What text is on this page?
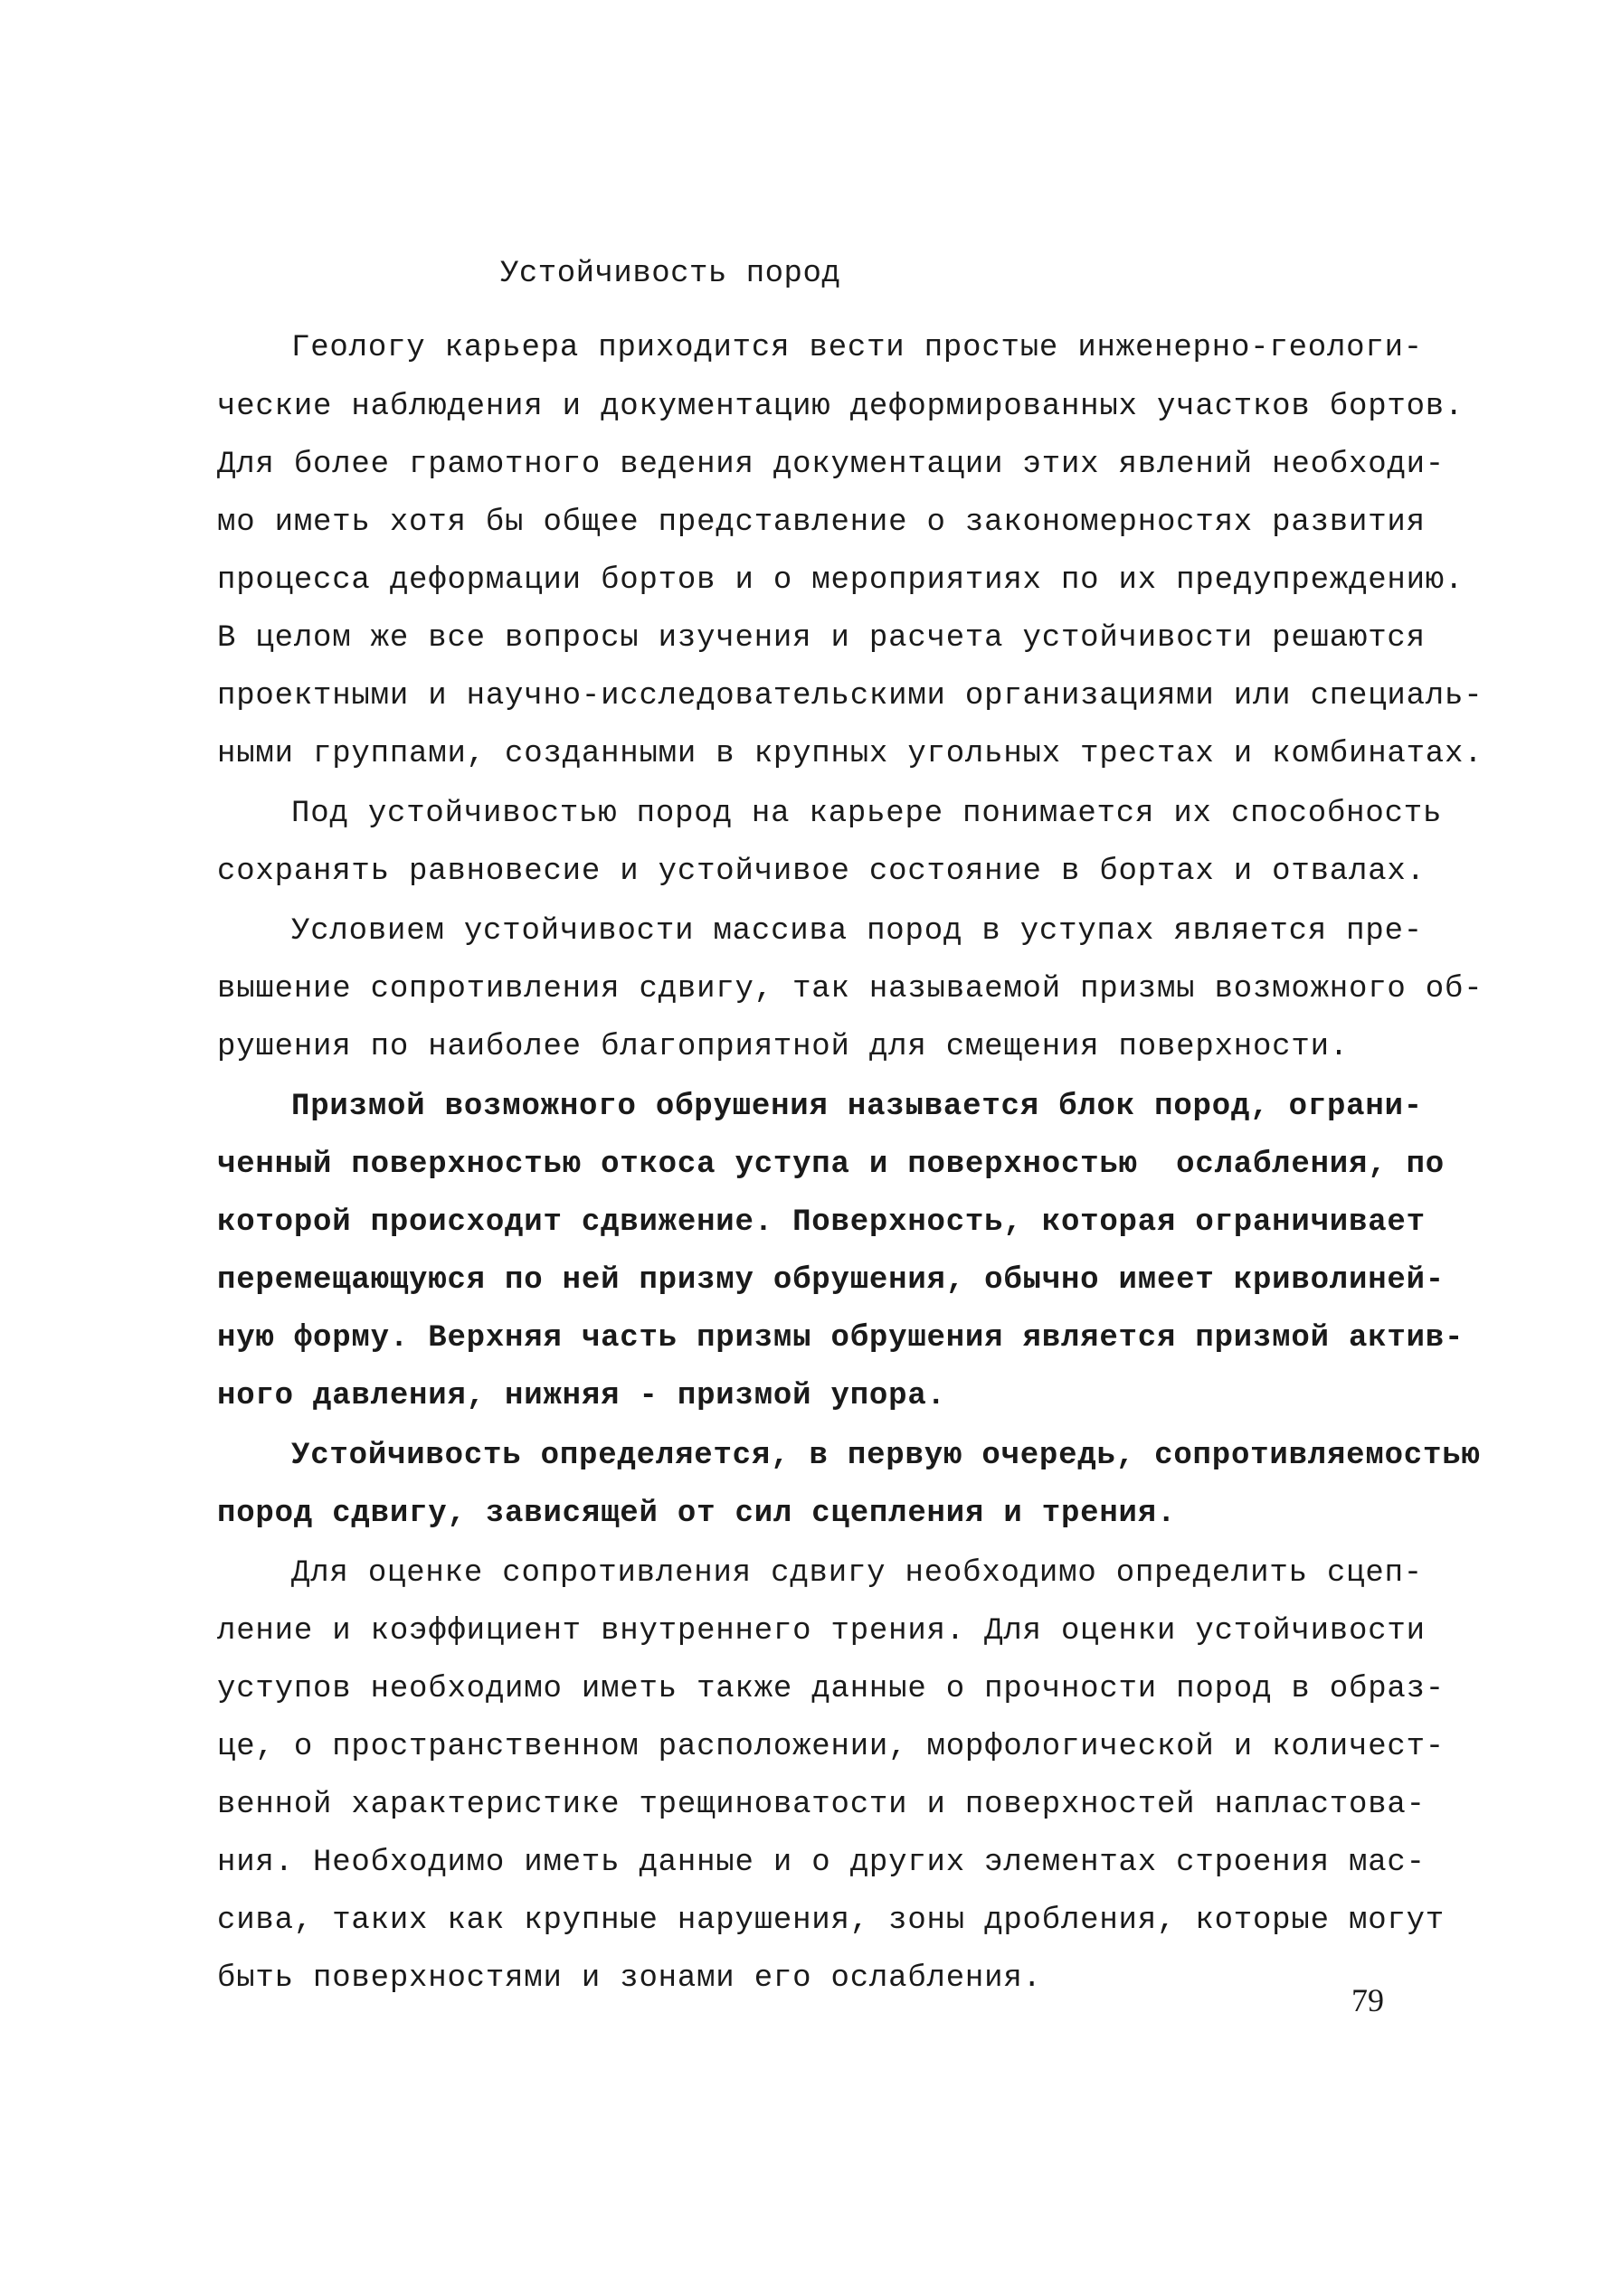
Устойчивость пород
Геологу карьера приходится вести простые инженерно-геологи-
ческие наблюдения и документацию деформированных участков бортов.
Для более грамотного ведения документации этих явлений необходи-
мо иметь хотя бы общее представление о закономерностях развития
процесса деформации бортов и о мероприятиях по их предупреждению.
В целом же все вопросы изучения и расчета устойчивости решаются
проектными и научно-исследовательскими организациями или специаль-
ными группами, созданными в крупных угольных трестах и комбинатах.
Под устойчивостью пород на карьере понимается их способность
сохранять равновесие и устойчивое состояние в бортах и отвалах.
Условием устойчивости массива пород в уступах является пре-
вышение сопротивления сдвигу, так называемой призмы возможного об-
рушения по наиболее благоприятной для смещения поверхности.
Призмой возможного обрушения называется блок пород, ограни-
ченный поверхностью откоса уступа и поверхностью  ослабления, по
которой происходит сдвижение. Поверхность, которая ограничивает
перемещающуюся по ней призму обрушения, обычно имеет криволиней-
ную форму. Верхняя часть призмы обрушения является призмой актив-
ного давления, нижняя - призмой упора.
Устойчивость определяется, в первую очередь, сопротивляемостью
пород сдвигу, зависящей от сил сцепления и трения.
Для оценке сопротивления сдвигу необходимо определить сцеп-
ление и коэффициент внутреннего трения. Для оценки устойчивости
уступов необходимо иметь также данные о прочности пород в образ-
це, о пространственном расположении, морфологической и количест-
венной характеристике трещиноватости и поверхностей напластова-
ния. Необходимо иметь данные и о других элементах строения мас-
сива, таких как крупные нарушения, зоны дробления, которые могут
быть поверхностями и зонами его ослабления.
79
